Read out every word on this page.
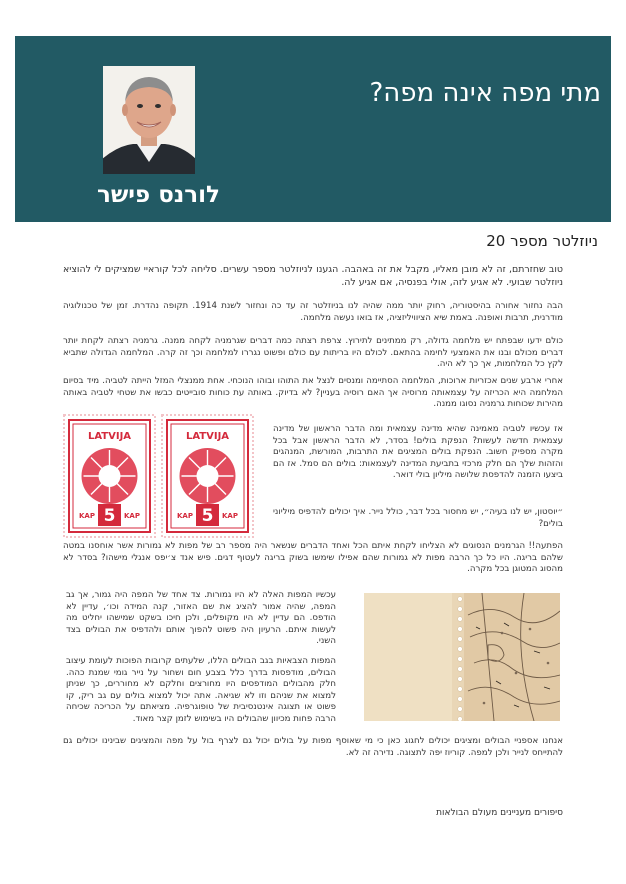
מתי מפה אינה מפה?
לורנס פישר
ניוזלטר מספר 20

טוב שחזרתם, זה לא מובן מאליו, מקבל את זה באהבה. הגענו לניוזלטר מספר עשרים. סליחה לכל קוראיי שמציקים לי להוציא ניוזלטר שבועי. לא אגיע לזה, אולי בפנסיה, אם אגיע לה.

הבה נחזור אחורה בהיסטוריה, רחוק יותר ממה שהיה לנו בניוזלטר זה עד כה ונחזור לשנת 1914. תקופה נהדרת. זמן של טכנולוגיה מודרנית, תרבות ואופנה. באמת שיא הציוויליזציה, אז בואו נעשה מלחמה.

כולם ידעו שבפתח יש מלחמה גדולה, רק ממתינים לתירוץ. צרפת רצתה כמה דברים שגרמניה לקחה ממנה. גרמניה רצתה לקחת יותר דברים מכולם ובנו את האמצעי לחימה בהתאם. לכולם היו בריתות עם כולם ופשוט נגררו למלחמה וכך זה קרה. המלחמה הגדולה שתביא לקץ כל המלחמות, אך כך לא היה.

אחרי ארבע שנים אכזריות ארוכות, המלחמה הסתיימה ומנסים לנצל את התוהו ובוהו הנוכחי. אחת ממנצלי המזל הייתה לטביה. מיד בסיום המלחמה היא הכריזה על עצמאותה מרוסיה אך האם רוסיה בעניין? לא בדיוק. באותה עת כוחות סובייטים כבשו את שטחי לטביה באותה מהירות שכוחות גרמניה נסוגו ממנה.

LATVIJA
5
KAP	KAP
LATVIJA
5
KAP	KAP

אז עכשיו לטביה מאמינה שהיא מדינה עצמאית ומה הדבר הראשון של מדינה עצמאית חדשה לעשות? הנפקת בולים! בסדר, לא הדבר הראשון אבל בכל מקרה מספיק חשוב. הנפקת בולים המציגים את התרבות, המורשת, המנהגים והזהות שלך הם חלק מרכזי בתביעת המדינה לעצמאות: בולים הם סמל. אז הם ביצעו הזמנה להדפסת שלושה מיליון בולי דואר.

״יוסטון, יש לנו בעיה״, יש מחסור בכל דבר, כולל נייר. איך יכולים להדפיס מיליוני בולים?

הפתעה!! הגרמנים הנסוגים לא הצליחו לקחת איתם הכל ואחד הדברים שנשאר היה מספר רב של מפות לא גמורות אשר אוחסנו במטה שלהם בריגה. היו כל כך הרבה מפות לא גמורות שהם אפילו שימשו בשוק בריגה לעטוף דגים. פיש אנד צ׳יפס אנגלי מישהו? בסדר לא מהסוג המטוגן בכל מקרה.

עכשיו המפות האלה לא היו גמורות. צד אחד של המפה היה גמור, אך גב המפה, שהיה אמור להציג את שם האזור, קנה המידה וכו׳, עדיין לא הודפס. הם עדיין לא היו מקופלים, ולכן חיכו בשקט שמישהו יחליט מה לעשות איתם. הרעיון היה פשוט להפוך אותם ולהדפיס את הבולים בצד השני.

המפות הצבאיות בגב הבולים הללו, שלעתים קרובות הפוכות לעומת עיצוב הבולים, מודפסות בדרך כלל בצבע חום ושחור על נייר גומי שמנת כהה. חלק מהבולים המודפסים היו מחורצים וחלקם לא מחוררים, כך שניתן למצוא את שניהם וזו לא שגיאה. אתה יכול למצוא בולים עם גב ריק, קו פשוט או תצוגה אינטנסיבית של טופוגרפיה. מציאתם על הכריכה שכיחה הרבה פחות מכיוון שהבולים היו בשימוש לזמן קצר מאוד.

אנחנו אספניי הבולים ומציגים יכולים לחגוג כאן כי מי שאוסף מפות על בולים יכול גם לצרף בול על מפה והמציגים שבינינו יכולים גם להתייחס לנייר ולכן למפה. קוריוז יפה לתצוגה. נדירה זה לא.

סיפורים מעניינים מעולם הבולאות
